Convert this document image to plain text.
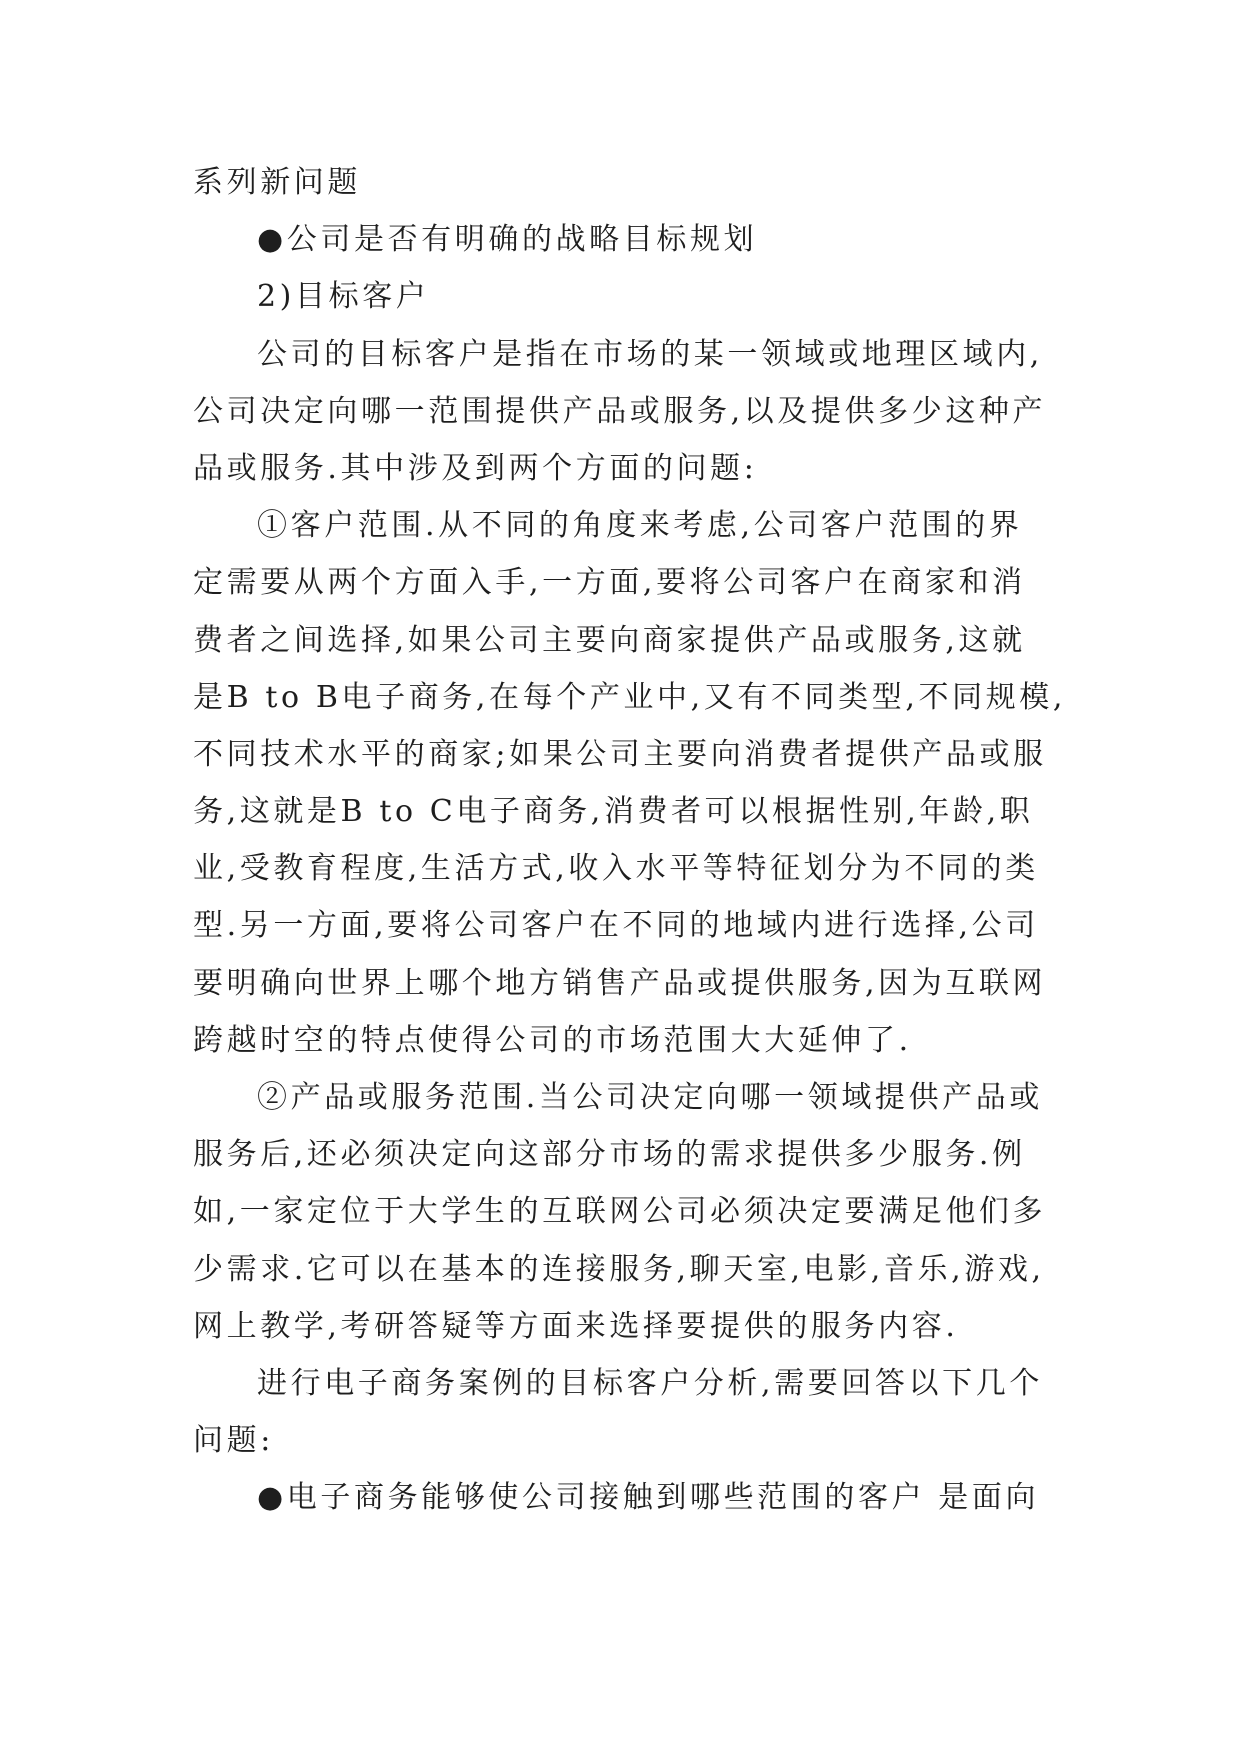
系列新问题
●公司是否有明确的战略目标规划
2)目标客户
公司的目标客户是指在市场的某一领域或地理区域内,
公司决定向哪一范围提供产品或服务,以及提供多少这种产
品或服务.其中涉及到两个方面的问题:
①客户范围.从不同的角度来考虑,公司客户范围的界
定需要从两个方面入手,一方面,要将公司客户在商家和消
费者之间选择,如果公司主要向商家提供产品或服务,这就
是B to B电子商务,在每个产业中,又有不同类型,不同规模,
不同技术水平的商家;如果公司主要向消费者提供产品或服
务,这就是B to C电子商务,消费者可以根据性别,年龄,职
业,受教育程度,生活方式,收入水平等特征划分为不同的类
型.另一方面,要将公司客户在不同的地域内进行选择,公司
要明确向世界上哪个地方销售产品或提供服务,因为互联网
跨越时空的特点使得公司的市场范围大大延伸了.
②产品或服务范围.当公司决定向哪一领域提供产品或
服务后,还必须决定向这部分市场的需求提供多少服务.例
如,一家定位于大学生的互联网公司必须决定要满足他们多
少需求.它可以在基本的连接服务,聊天室,电影,音乐,游戏,
网上教学,考研答疑等方面来选择要提供的服务内容.
进行电子商务案例的目标客户分析,需要回答以下几个
问题:
●电子商务能够使公司接触到哪些范围的客户 是面向
